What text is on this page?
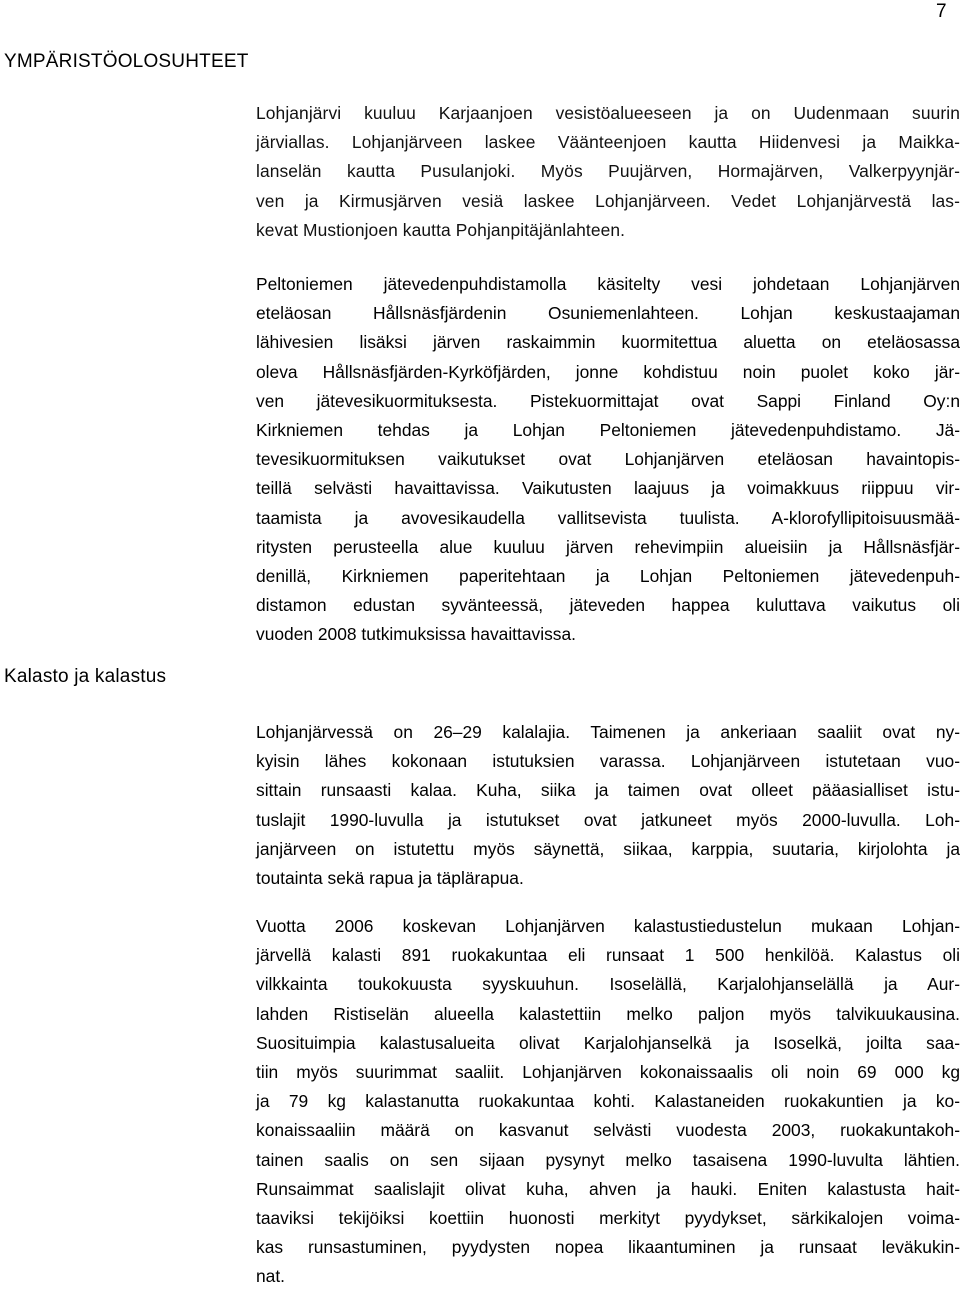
7
YMPÄRISTÖOLOSUHTEET
Lohjanjärvi kuuluu Karjaanjoen vesistöalueeseen ja on Uudenmaan suurin
järviallas. Lohjanjärveen laskee Väänteenjoen kautta Hiidenvesi ja Maikka-
lanselän kautta Pusulanjoki. Myös Puujärven, Hormajärven, Valkerpyynjär-
ven ja Kirmusjärven vesiä laskee Lohjanjärveen. Vedet Lohjanjärvestä las-
kevat Mustionjoen kautta Pohjanpitäjänlahteen.
Peltoniemen jätevedenpuhdistamolla käsitelty vesi johdetaan Lohjanjärven
eteläosan Hållsnäsfjärdenin Osuniemenlahteen. Lohjan keskustaajaman
lähivesien lisäksi järven raskaimmin kuormitettua aluetta on eteläosassa
oleva Hållsnäsfjärden-Kyrköfjärden, jonne kohdistuu noin puolet koko jär-
ven jätevesikuormituksesta. Pistekuormittajat ovat Sappi Finland Oy:n
Kirkniemen tehdas ja Lohjan Peltoniemen jätevedenpuhdistamo. Jä-
tevesikuormituksen vaikutukset ovat Lohjanjärven eteläosan havaintopis-
teillä selvästi havaittavissa. Vaikutusten laajuus ja voimakkuus riippuu vir-
taamista ja avovesikaudella vallitsevista tuulista. A-klorofyllipitoisuusmää-
ritysten perusteella alue kuuluu järven rehevimpiin alueisiin ja Hållsnäsfjär-
denillä, Kirkniemen paperitehtaan ja Lohjan Peltoniemen jätevedenpuh-
distamon edustan syvänteessä, jäteveden happea kuluttava vaikutus oli
vuoden 2008 tutkimuksissa havaittavissa.
Kalasto ja kalastus
Lohjanjärvessä on 26–29 kalalajia. Taimenen ja ankeriaan saaliit ovat ny-
kyisin lähes kokonaan istutuksien varassa. Lohjanjärveen istutetaan vuo-
sittain runsaasti kalaa. Kuha, siika ja taimen ovat olleet pääasialliset istu-
tuslajit 1990-luvulla ja istutukset ovat jatkuneet myös 2000-luvulla. Loh-
janjärveen on istutettu myös säynettä, siikaa, karppia, suutaria, kirjolohta ja
toutainta sekä rapua ja täplärapua.
Vuotta 2006 koskevan Lohjanjärven kalastustiedustelun mukaan Lohjan-
järvellä kalasti 891 ruokakuntaa eli runsaat 1 500 henkilöä. Kalastus oli
vilkkainta toukokuusta syyskuuhun. Isoselällä, Karjalohjanselällä ja Aur-
lahden Ristiselän alueella kalastettiin melko paljon myös talvikuukausina.
Suosituimpia kalastusalueita olivat Karjalohjanselkä ja Isoselkä, joilta saa-
tiin myös suurimmat saaliit. Lohjanjärven kokonaissaalis oli noin 69 000 kg
ja 79 kg kalastanutta ruokakuntaa kohti. Kalastaneiden ruokakuntien ja ko-
konaissaaliin määrä on kasvanut selvästi vuodesta 2003, ruokakuntakoh-
tainen saalis on sen sijaan pysynyt melko tasaisena 1990-luvulta lähtien.
Runsaimmat saalislajit olivat kuha, ahven ja hauki. Eniten kalastusta hait-
taaviksi tekijöiksi koettiin huonosti merkityt pyydykset, särkikalojen voima-
kas runsastuminen, pyydysten nopea likaantuminen ja runsaat leväkukin-
nat.
